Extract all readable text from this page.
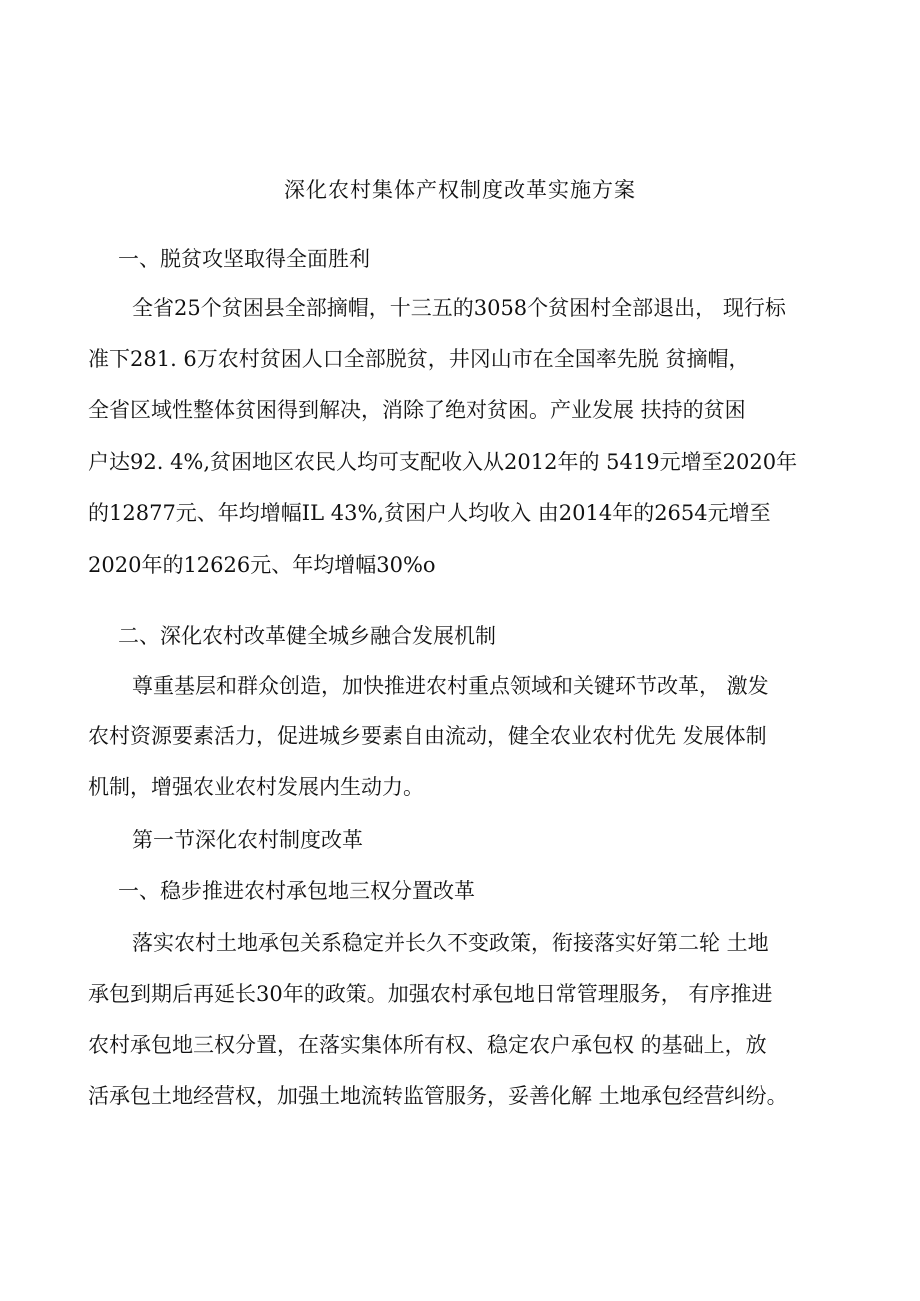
深化农村集体产权制度改革实施方案
一、脱贫攻坚取得全面胜利
全省25个贫困县全部摘帽，十三五的3058个贫困村全部退出， 现行标
准下281. 6万农村贫困人口全部脱贫，井冈山市在全国率先脱 贫摘帽，
全省区域性整体贫困得到解决，消除了绝对贫困。产业发展 扶持的贫困
户达92. 4%,贫困地区农民人均可支配收入从2012年的 5419元增至2020年
的12877元、年均增幅IL 43%,贫困户人均收入 由2014年的2654元增至
2020年的12626元、年均增幅30%o
二、深化农村改革健全城乡融合发展机制
尊重基层和群众创造，加快推进农村重点领域和关键环节改革， 激发
农村资源要素活力，促进城乡要素自由流动，健全农业农村优先 发展体制
机制，增强农业农村发展内生动力。
第一节深化农村制度改革
一、稳步推进农村承包地三权分置改革
落实农村土地承包关系稳定并长久不变政策，衔接落实好第二轮 土地
承包到期后再延长30年的政策。加强农村承包地日常管理服务， 有序推进
农村承包地三权分置，在落实集体所有权、稳定农户承包权 的基础上，放
活承包土地经营权，加强土地流转监管服务，妥善化解 土地承包经营纠纷。
